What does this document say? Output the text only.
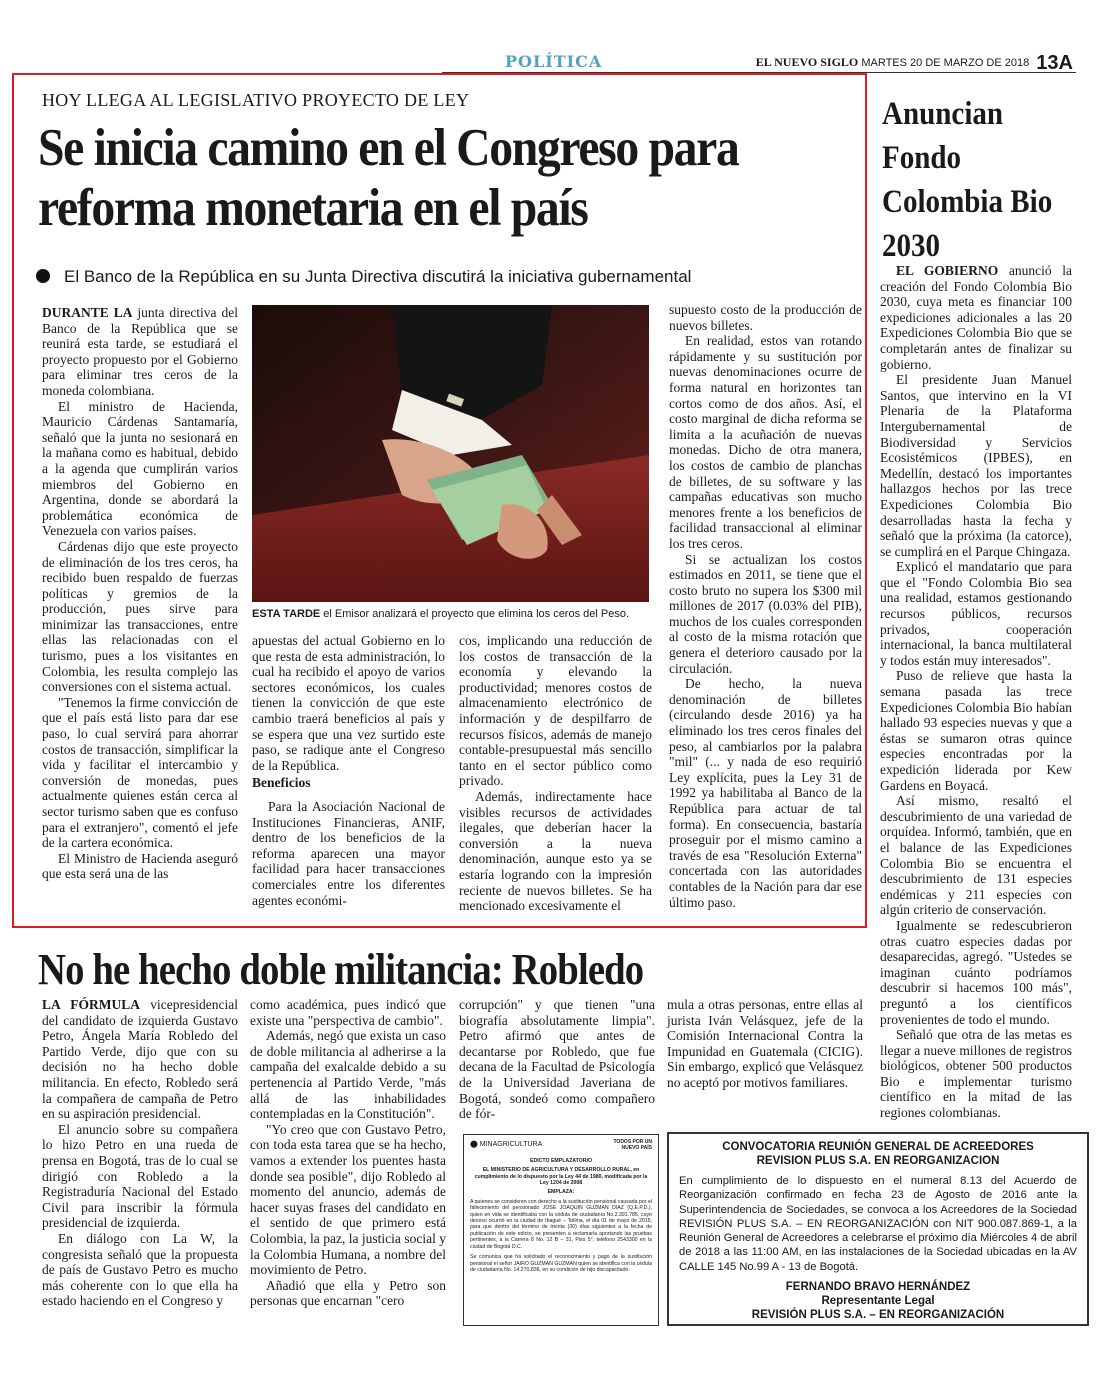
POLÍTICA	EL NUEVO SIGLO MARTES 20 DE MARZO DE 2018 13A
HOY LLEGA AL LEGISLATIVO PROYECTO DE LEY
Se inicia camino en el Congreso para reforma monetaria en el país
El Banco de la República en su Junta Directiva discutirá la iniciativa gubernamental

DURANTE LA junta directiva del Banco de la República que se reunirá esta tarde, se estudiará el proyecto propuesto por el Gobierno para eliminar tres ceros de la moneda colombiana.

El ministro de Hacienda, Mauricio Cárdenas Santamaría, señaló que la junta no sesionará en la mañana como es habitual, debido a la agenda que cumplirán varios miembros del Gobierno en Argentina, donde se abordará la problemática económica de Venezuela con varios países.

Cárdenas dijo que este proyecto de eliminación de los tres ceros, ha recibido buen respaldo de fuerzas políticas y gremios de la producción, pues sirve para minimizar las transacciones, entre ellas las relacionadas con el turismo, pues a los visitantes en Colombia, les resulta complejo las conversiones con el sistema actual.

"Tenemos la firme convicción de que el país está listo para dar ese paso, lo cual servirá para ahorrar costos de transacción, simplificar la vida y facilitar el intercambio y conversión de monedas, pues actualmente quienes están cerca al sector turismo saben que es confuso para el extranjero", comentó el jefe de la cartera económica.

El Ministro de Hacienda aseguró que esta será una de las

ESTA TARDE el Emisor analizará el proyecto que elimina los ceros del Peso.

apuestas del actual Gobierno en lo que resta de esta administración, lo cual ha recibido el apoyo de varios sectores económicos, los cuales tienen la convicción de que este cambio traerá beneficios al país y se espera que una vez surtido este paso, se radique ante el Congreso de la República.

Beneficios

Para la Asociación Nacional de Instituciones Financieras, ANIF, dentro de los beneficios de la reforma aparecen una mayor facilidad para hacer transacciones comerciales entre los diferentes agentes económi-

cos, implicando una reducción de los costos de transacción de la economía y elevando la productividad; menores costos de almacenamiento electrónico de información y de despilfarro de recursos físicos, además de manejo contable-presupuestal más sencillo tanto en el sector público como privado.

Además, indirectamente hace visibles recursos de actividades ilegales, que deberían hacer la conversión a la nueva denominación, aunque esto ya se estaría logrando con la impresión reciente de nuevos billetes. Se ha mencionado excesivamente el

supuesto costo de la producción de nuevos billetes.

En realidad, estos van rotando rápidamente y su sustitución por nuevas denominaciones ocurre de forma natural en horizontes tan cortos como de dos años. Así, el costo marginal de dicha reforma se limita a la acuñación de nuevas monedas. Dicho de otra manera, los costos de cambio de planchas de billetes, de su software y las campañas educativas son mucho menores frente a los beneficios de facilidad transaccional al eliminar los tres ceros.

Si se actualizan los costos estimados en 2011, se tiene que el costo bruto no supera los $300 mil millones de 2017 (0.03% del PIB), muchos de los cuales corresponden al costo de la misma rotación que genera el deterioro causado por la circulación.

De hecho, la nueva denominación de billetes (circulando desde 2016) ya ha eliminado los tres ceros finales del peso, al cambiarlos por la palabra "mil" (... y nada de eso requirió Ley explícita, pues la Ley 31 de 1992 ya habilitaba al Banco de la República para actuar de tal forma). En consecuencia, bastaría proseguir por el mismo camino a través de esa "Resolución Externa" concertada con las autoridades contables de la Nación para dar ese último paso.

Anuncian Fondo Colombia Bio 2030

EL GOBIERNO anunció la creación del Fondo Colombia Bio 2030, cuya meta es financiar 100 expediciones adicionales a las 20 Expediciones Colombia Bio que se completarán antes de finalizar su gobierno.

El presidente Juan Manuel Santos, que intervino en la VI Plenaria de la Plataforma Intergubernamental de Biodiversidad y Servicios Ecosistémicos (IPBES), en Medellín, destacó los importantes hallazgos hechos por las trece Expediciones Colombia Bio desarrolladas hasta la fecha y señaló que la próxima (la catorce), se cumplirá en el Parque Chingaza.

Explicó el mandatario que para que el "Fondo Colombia Bio sea una realidad, estamos gestionando recursos públicos, recursos privados, cooperación internacional, la banca multilateral y todos están muy interesados".

Puso de relieve que hasta la semana pasada las trece Expediciones Colombia Bio habían hallado 93 especies nuevas y que a éstas se sumaron otras quince especies encontradas por la expedición liderada por Kew Gardens en Boyacá.

Así mismo, resaltó el descubrimiento de una variedad de orquídea. Informó, también, que en el balance de las Expediciones Colombia Bio se encuentra el descubrimiento de 131 especies endémicas y 211 especies con algún criterio de conservación.

Igualmente se redescubrieron otras cuatro especies dadas por desaparecidas, agregó. "Ustedes se imaginan cuánto podríamos descubrir si hacemos 100 más", preguntó a los científicos provenientes de todo el mundo.

Señaló que otra de las metas es llegar a nueve millones de registros biológicos, obtener 500 productos Bio e implementar turismo científico en la mitad de las regiones colombianas.

No he hecho doble militancia: Robledo

LA FÓRMULA vicepresidencial del candidato de izquierda Gustavo Petro, Ángela María Robledo del Partido Verde, dijo que con su decisión no ha hecho doble militancia. En efecto, Robledo será la compañera de campaña de Petro en su aspiración presidencial.

El anuncio sobre su compañera lo hizo Petro en una rueda de prensa en Bogotá, tras de lo cual se dirigió con Robledo a la Registraduría Nacional del Estado Civil para inscribir la fórmula presidencial de izquierda.

En diálogo con La W, la congresista señaló que la propuesta de país de Gustavo Petro es mucho más coherente con lo que ella ha estado haciendo en el Congreso y

como académica, pues indicó que existe una "perspectiva de cambio".

Además, negó que exista un caso de doble militancia al adherirse a la campaña del exalcalde debido a su pertenencia al Partido Verde, "más allá de las inhabilidades contempladas en la Constitución".

"Yo creo que con Gustavo Petro, con toda esta tarea que se ha hecho, vamos a extender los puentes hasta donde sea posible", dijo Robledo al momento del anuncio, además de hacer suyas frases del candidato en el sentido de que primero está Colombia, la paz, la justicia social y la Colombia Humana, a nombre del movimiento de Petro.

Añadió que ella y Petro son personas que encarnan "cero

corrupción" y que tienen "una biografía absolutamente limpia". Petro afirmó que antes de decantarse por Robledo, que fue decana de la Facultad de Psicología de la Universidad Javeriana de Bogotá, sondeó como compañero de fór-

mula a otras personas, entre ellas al jurista Iván Velásquez, jefe de la Comisión Internacional Contra la Impunidad en Guatemala (CICIG). Sin embargo, explicó que Velásquez no aceptó por motivos familiares.

⬤ MINAGRICULTURA	TODOS POR UN NUEVO PAÍS
EDICTO EMPLAZATORIO
EL MINISTERIO DE AGRICULTURA Y DESARROLLO RURAL, en cumplimiento de lo dispuesto por la Ley 44 de 1980, modificada por la Ley 1204 de 2008
EMPLAZA:
A quienes se consideren con derecho a la sustitución pensional causada por el fallecimiento del pensionado JOSE JOAQUIN GUZMAN DIAZ (Q.E.P.D.), quien en vida se identificaba con la cédula de ciudadanía No.2.391.785, cuyo deceso ocurrió en la ciudad de Ibagué – Tolima, el día 01 de mayo de 2015, para que dentro del término de treinta (30) días siguientes a la fecha de publicación de este edicto, se presenten a reclamarla aportando las pruebas pertinentes, a la Carrera 8 No. 12 B – 31, Piso 5°, teléfono 2543300 en la ciudad de Bogotá D.C.
Se comunica que ha solicitado el reconocimiento y pago de la sustitución pensional el señor JAIRO GUZMAN GUZMAN quien se identifica con la cédula de ciudadanía No. 14.270.836, en su condición de hijo discapacitado.
CONVOCATORIA REUNIÓN GENERAL DE ACREEDORES
REVISION PLUS S.A. EN REORGANIZACION
En cumplimiento de lo dispuesto en el numeral 8.13 del Acuerdo de Reorganización confirmado en fecha 23 de Agosto de 2016 ante la Superintendencia de Sociedades, se convoca a los Acreedores de la Sociedad REVISIÓN PLUS S.A. – EN REORGANIZACIÓN con NIT 900.087.869-1, a la Reunión General de Acreedores a celebrarse el próximo día Miércoles 4 de abril de 2018 a las 11:00 AM, en las instalaciones de la Sociedad ubicadas en la AV CALLE 145 No.99 A - 13 de Bogotá.
FERNANDO BRAVO HERNÁNDEZ
Representante Legal
REVISIÓN PLUS S.A. – EN REORGANIZACIÓN
